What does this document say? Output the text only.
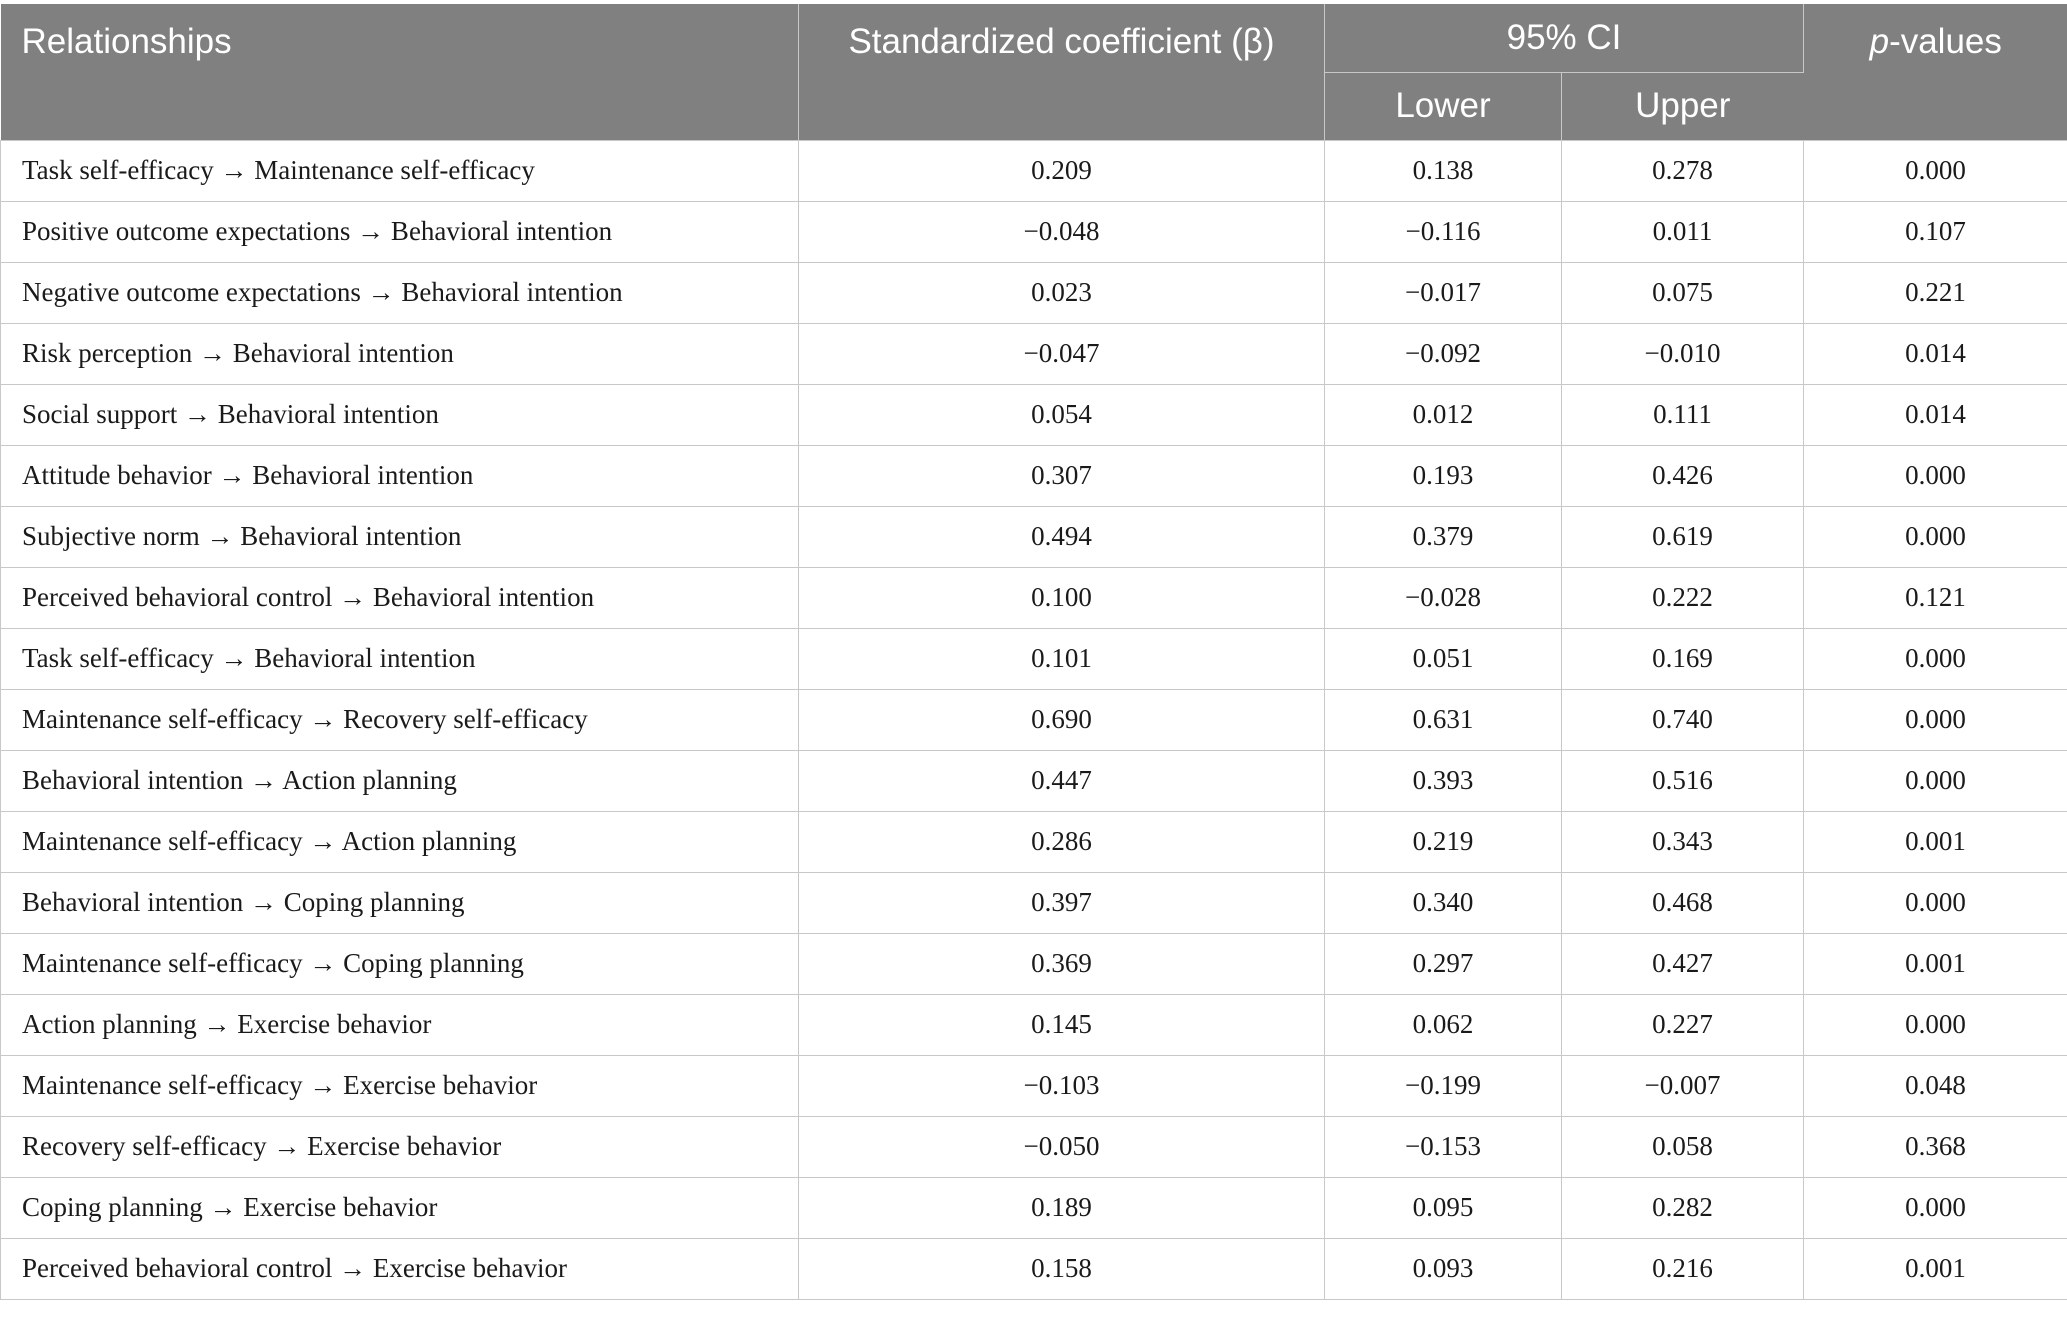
Relationships	Standardized coefficient (β)	95% CI		p-values
		Lower	Upper	
Task self-efficacy → Maintenance self-efficacy	0.209	0.138	0.278	0.000
Positive outcome expectations → Behavioral intention	−0.048	−0.116	0.011	0.107
Negative outcome expectations → Behavioral intention	0.023	−0.017	0.075	0.221
Risk perception → Behavioral intention	−0.047	−0.092	−0.010	0.014
Social support → Behavioral intention	0.054	0.012	0.111	0.014
Attitude behavior → Behavioral intention	0.307	0.193	0.426	0.000
Subjective norm → Behavioral intention	0.494	0.379	0.619	0.000
Perceived behavioral control → Behavioral intention	0.100	−0.028	0.222	0.121
Task self-efficacy → Behavioral intention	0.101	0.051	0.169	0.000
Maintenance self-efficacy → Recovery self-efficacy	0.690	0.631	0.740	0.000
Behavioral intention → Action planning	0.447	0.393	0.516	0.000
Maintenance self-efficacy → Action planning	0.286	0.219	0.343	0.001
Behavioral intention → Coping planning	0.397	0.340	0.468	0.000
Maintenance self-efficacy → Coping planning	0.369	0.297	0.427	0.001
Action planning → Exercise behavior	0.145	0.062	0.227	0.000
Maintenance self-efficacy → Exercise behavior	−0.103	−0.199	−0.007	0.048
Recovery self-efficacy → Exercise behavior	−0.050	−0.153	0.058	0.368
Coping planning → Exercise behavior	0.189	0.095	0.282	0.000
Perceived behavioral control → Exercise behavior	0.158	0.093	0.216	0.001
